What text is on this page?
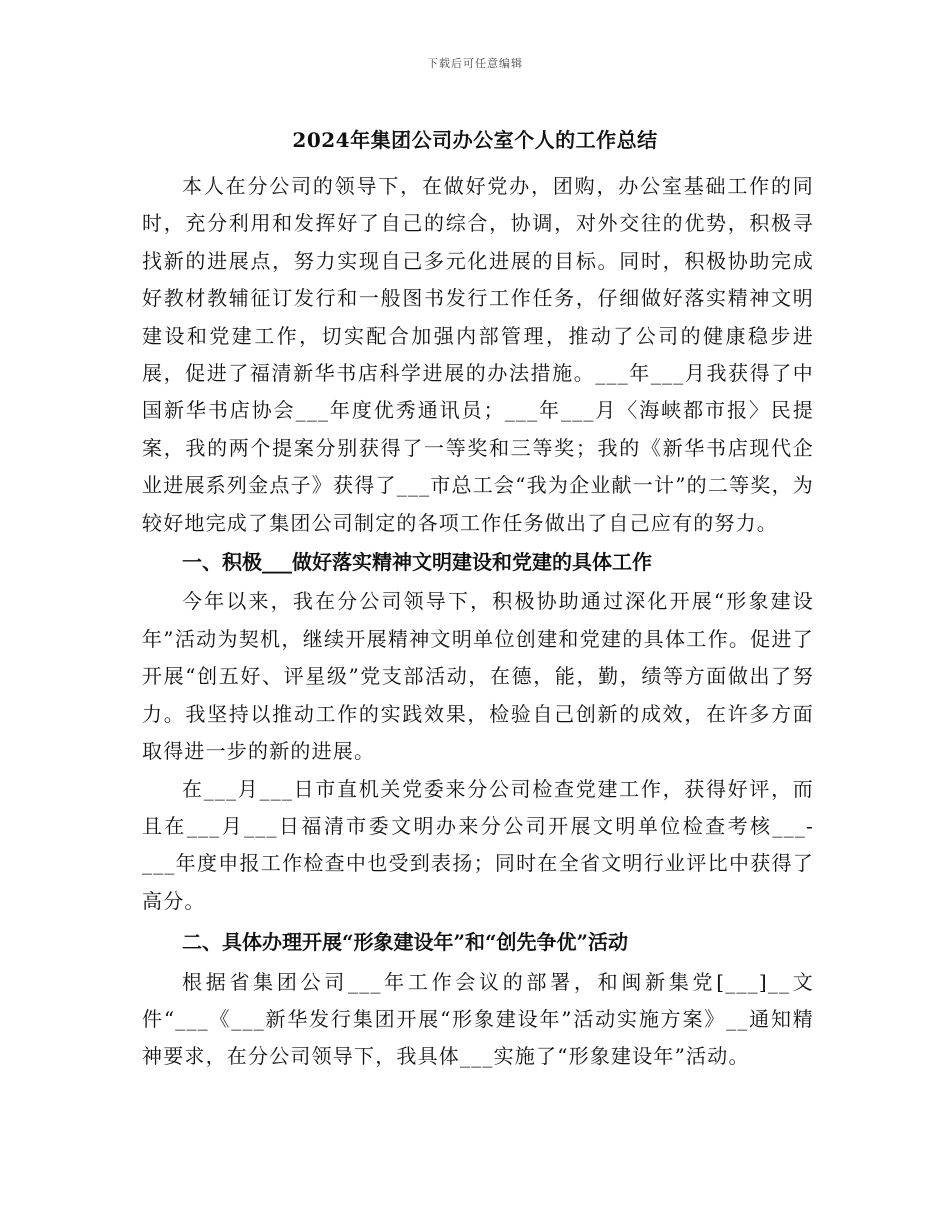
下载后可任意编辑
2024年集团公司办公室个人的工作总结

本人在分公司的领导下，在做好党办，团购，办公室基础工作的同时，充分利用和发挥好了自己的综合，协调，对外交往的优势，积极寻找新的进展点，努力实现自己多元化进展的目标。同时，积极协助完成好教材教辅征订发行和一般图书发行工作任务，仔细做好落实精神文明建设和党建工作，切实配合加强内部管理，推动了公司的健康稳步进展，促进了福清新华书店科学进展的办法措施。___年___月我获得了中国新华书店协会___年度优秀通讯员；___年___月〈海峡都市报〉民提案，我的两个提案分别获得了一等奖和三等奖；我的《新华书店现代企业进展系列金点子》获得了___市总工会“我为企业献一计”的二等奖，为较好地完成了集团公司制定的各项工作任务做出了自己应有的努力。

一、积极___做好落实精神文明建设和党建的具体工作

今年以来，我在分公司领导下，积极协助通过深化开展“形象建设年”活动为契机，继续开展精神文明单位创建和党建的具体工作。促进了开展“创五好、评星级”党支部活动，在德，能，勤，绩等方面做出了努力。我坚持以推动工作的实践效果，检验自己创新的成效，在许多方面取得进一步的新的进展。

在___月___日市直机关党委来分公司检查党建工作，获得好评，而且在___月___日福清市委文明办来分公司开展文明单位检查考核___-___年度申报工作检查中也受到表扬；同时在全省文明行业评比中获得了高分。

二、具体办理开展“形象建设年”和“创先争优”活动

根据省集团公司___年工作会议的部署，和闽新集党[___]__文件“___《___新华发行集团开展“形象建设年”活动实施方案》__通知精神要求，在分公司领导下，我具体___实施了“形象建设年”活动。
